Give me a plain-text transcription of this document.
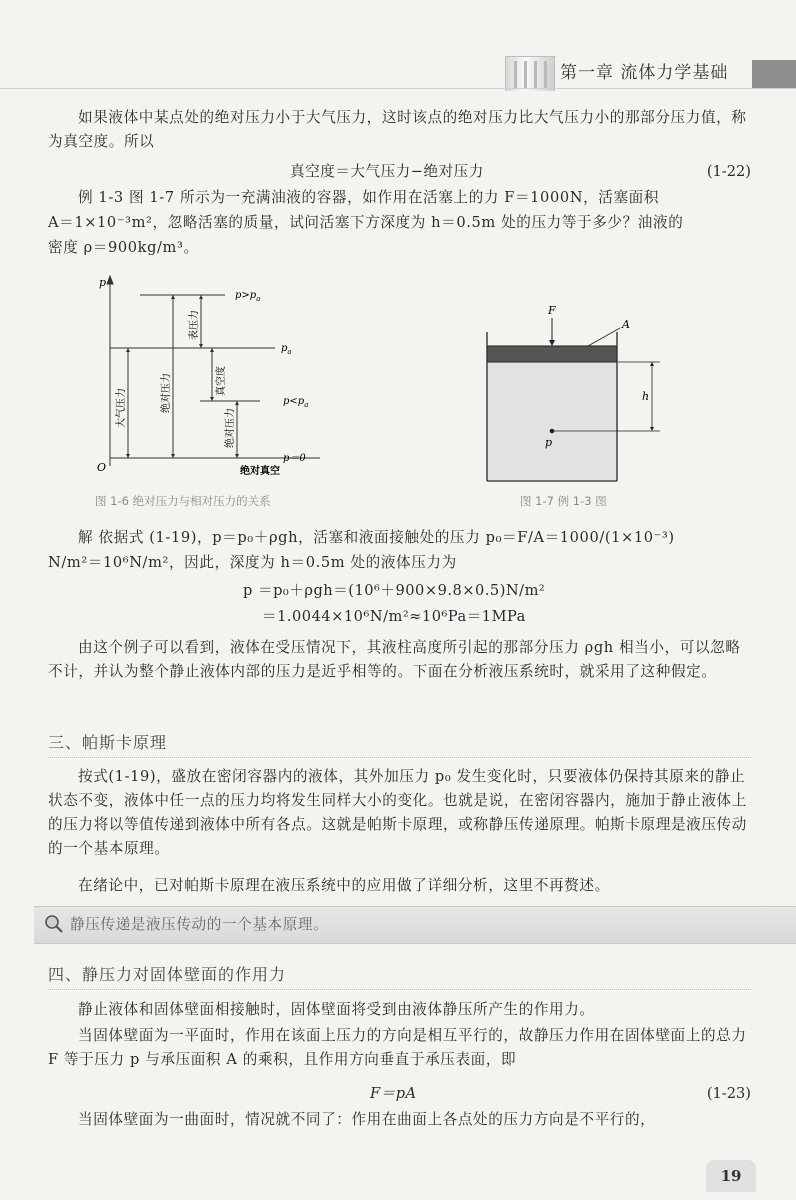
第一章 流体力学基础

如果液体中某点处的绝对压力小于大气压力，这时该点的绝对压力比大气压力小的那部分压力值，称为真空度。所以

真空度＝大气压力−绝对压力	(1-22)

例 1-3 图 1-7 所示为一充满油液的容器，如作用在活塞上的力 F＝1000N，活塞面积

A＝1×10⁻³m²，忽略活塞的质量，试问活塞下方深度为 h＝0.5m 处的压力等于多少？油液的

密度 ρ＝900kg/m³。

p
O
$p>p_a$
$p_a$
$p<p_a$
p＝0
表压力
大气压力	绝对压力	真空度
绝对压力
绝对真空
图 1-6 绝对压力与相对压力的关系
F
A
h
p
图 1-7 例 1-3 图

解 依据式 (1-19)，p＝p₀＋ρgh，活塞和液面接触处的压力 p₀＝F/A＝1000/(1×10⁻³)

N/m²＝10⁶N/m²，因此，深度为 h＝0.5m 处的液体压力为

p ＝p₀＋ρgh＝(10⁶＋900×9.8×0.5)N/m²
＝1.0044×10⁶N/m²≈10⁶Pa＝1MPa

由这个例子可以看到，液体在受压情况下，其液柱高度所引起的那部分压力 ρgh 相当小，可以忽略不计，并认为整个静止液体内部的压力是近乎相等的。下面在分析液压系统时，就采用了这种假定。

三、帕斯卡原理

按式(1-19)，盛放在密闭容器内的液体，其外加压力 p₀ 发生变化时，只要液体仍保持其原来的静止状态不变，液体中任一点的压力均将发生同样大小的变化。也就是说，在密闭容器内，施加于静止液体上的压力将以等值传递到液体中所有各点。这就是帕斯卡原理，或称静压传递原理。帕斯卡原理是液压传动的一个基本原理。

在绪论中，已对帕斯卡原理在液压系统中的应用做了详细分析，这里不再赘述。

静压传递是液压传动的一个基本原理。
四、静压力对固体壁面的作用力

静止液体和固体壁面相接触时，固体壁面将受到由液体静压所产生的作用力。

当固体壁面为一平面时，作用在该面上压力的方向是相互平行的，故静压力作用在固体壁面上的总力 F 等于压力 p 与承压面积 A 的乘积，且作用方向垂直于承压表面，即

F＝pA	(1-23)

当固体壁面为一曲面时，情况就不同了：作用在曲面上各点处的压力方向是不平行的，

19
